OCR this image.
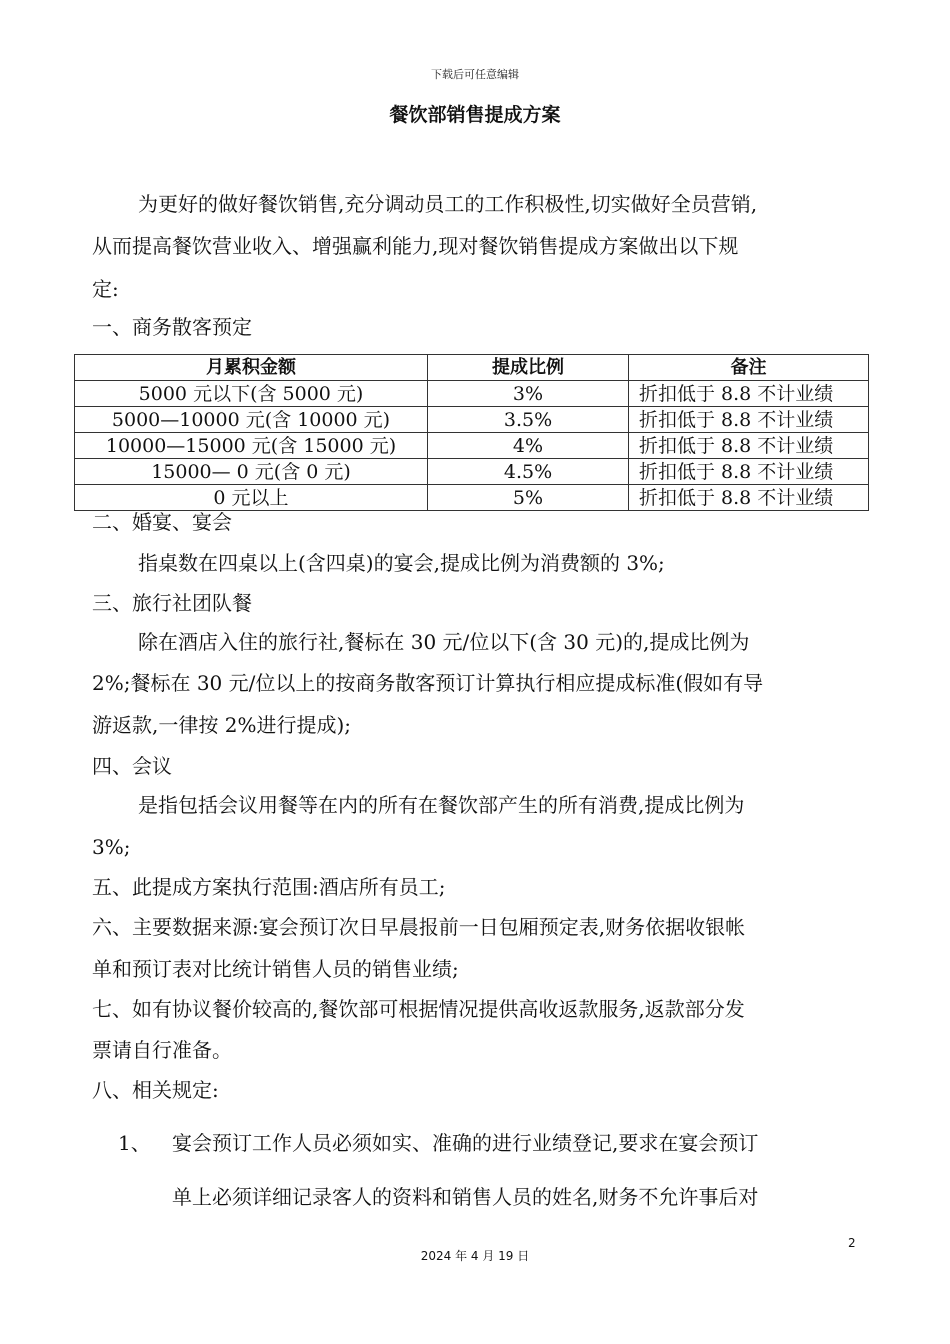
下载后可任意编辑
餐饮部销售提成方案
为更好的做好餐饮销售,充分调动员工的工作积极性,切实做好全员营销,
从而提高餐饮营业收入、增强赢利能力,现对餐饮销售提成方案做出以下规
定:
一、商务散客预定
月累积金额	提成比例	备注
5000 元以下(含 5000 元)	3%	折扣低于 8.8 不计业绩
5000—10000 元(含 10000 元)	3.5%	折扣低于 8.8 不计业绩
10000—15000 元(含 15000 元)	4%	折扣低于 8.8 不计业绩
15000— 0 元(含 0 元)	4.5%	折扣低于 8.8 不计业绩
0 元以上	5%	折扣低于 8.8 不计业绩
二、婚宴、宴会
指桌数在四桌以上(含四桌)的宴会,提成比例为消费额的 3%;
三、旅行社团队餐
除在酒店入住的旅行社,餐标在 30 元/位以下(含 30 元)的,提成比例为
2%;餐标在 30 元/位以上的按商务散客预订计算执行相应提成标准(假如有导
游返款,一律按 2%进行提成);
四、会议
是指包括会议用餐等在内的所有在餐饮部产生的所有消费,提成比例为
3%;
五、此提成方案执行范围:酒店所有员工;
六、主要数据来源:宴会预订次日早晨报前一日包厢预定表,财务依据收银帐
单和预订表对比统计销售人员的销售业绩;
七、如有协议餐价较高的,餐饮部可根据情况提供高收返款服务,返款部分发
票请自行准备。
八、相关规定:
1、 宴会预订工作人员必须如实、准确的进行业绩登记,要求在宴会预订
单上必须详细记录客人的资料和销售人员的姓名,财务不允许事后对
2
2024 年 4 月 19 日
